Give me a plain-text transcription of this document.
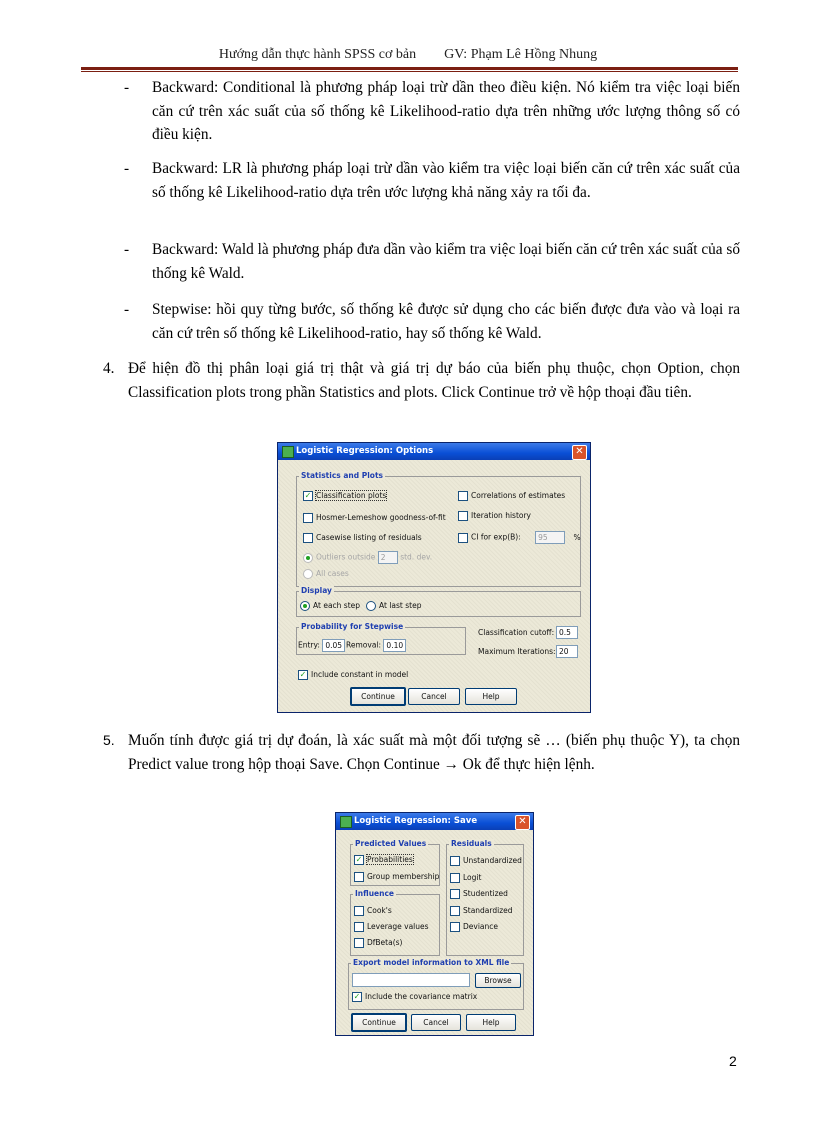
Hướng dẫn thực hành SPSS cơ bản GV: Phạm Lê Hồng Nhung
- Backward: Conditional là phương pháp loại trừ dần theo điều kiện. Nó kiểm tra việc loại biến căn cứ trên xác suất của số thống kê Likelihood-ratio dựa trên những ước lượng thông số có điều kiện.
- Backward: LR là phương pháp loại trừ dần vào kiểm tra việc loại biến căn cứ trên xác suất của số thống kê Likelihood-ratio dựa trên ước lượng khả năng xảy ra tối đa.
- Backward: Wald là phương pháp đưa dần vào kiểm tra việc loại biến căn cứ trên xác suất của số thống kê Wald.
- Stepwise: hồi quy từng bước, số thống kê được sử dụng cho các biến được đưa vào và loại ra căn cứ trên số thống kê Likelihood-ratio, hay số thống kê Wald.
4. Để hiện đồ thị phân loại giá trị thật và giá trị dự báo của biến phụ thuộc, chọn Option, chọn Classification plots trong phần Statistics and plots. Click Continue trở về hộp thoại đầu tiên.
Logistic Regression: Options	✕
Statistics and Plots
✓ Classification plots
Hosmer-Lemeshow goodness-of-fit
Casewise listing of residuals
Outliers outside 2 std. dev.
All cases
Correlations of estimates
Iteration history
CI for exp(B): 95	%
Display
At each step	At last step
Probability for Stepwise
Entry: 0.05 Removal: 0.10
Classification cutoff: 0.5
Maximum Iterations: 20
✓ Include constant in model
Continue	Cancel	Help
5. Muốn tính được giá trị dự đoán, là xác suất mà một đối tượng sẽ … (biến phụ thuộc Y), ta chọn Predict value trong hộp thoại Save. Chọn Continue → Ok để thực hiện lệnh.
Logistic Regression: Save	✕
Predicted Values
✓ Probabilities
Group membership
Influence
Cook's
Leverage values
DfBeta(s)
Residuals
Unstandardized
Logit
Studentized
Standardized
Deviance
Export model information to XML file
Browse
✓ Include the covariance matrix
Continue	Cancel	Help
2
